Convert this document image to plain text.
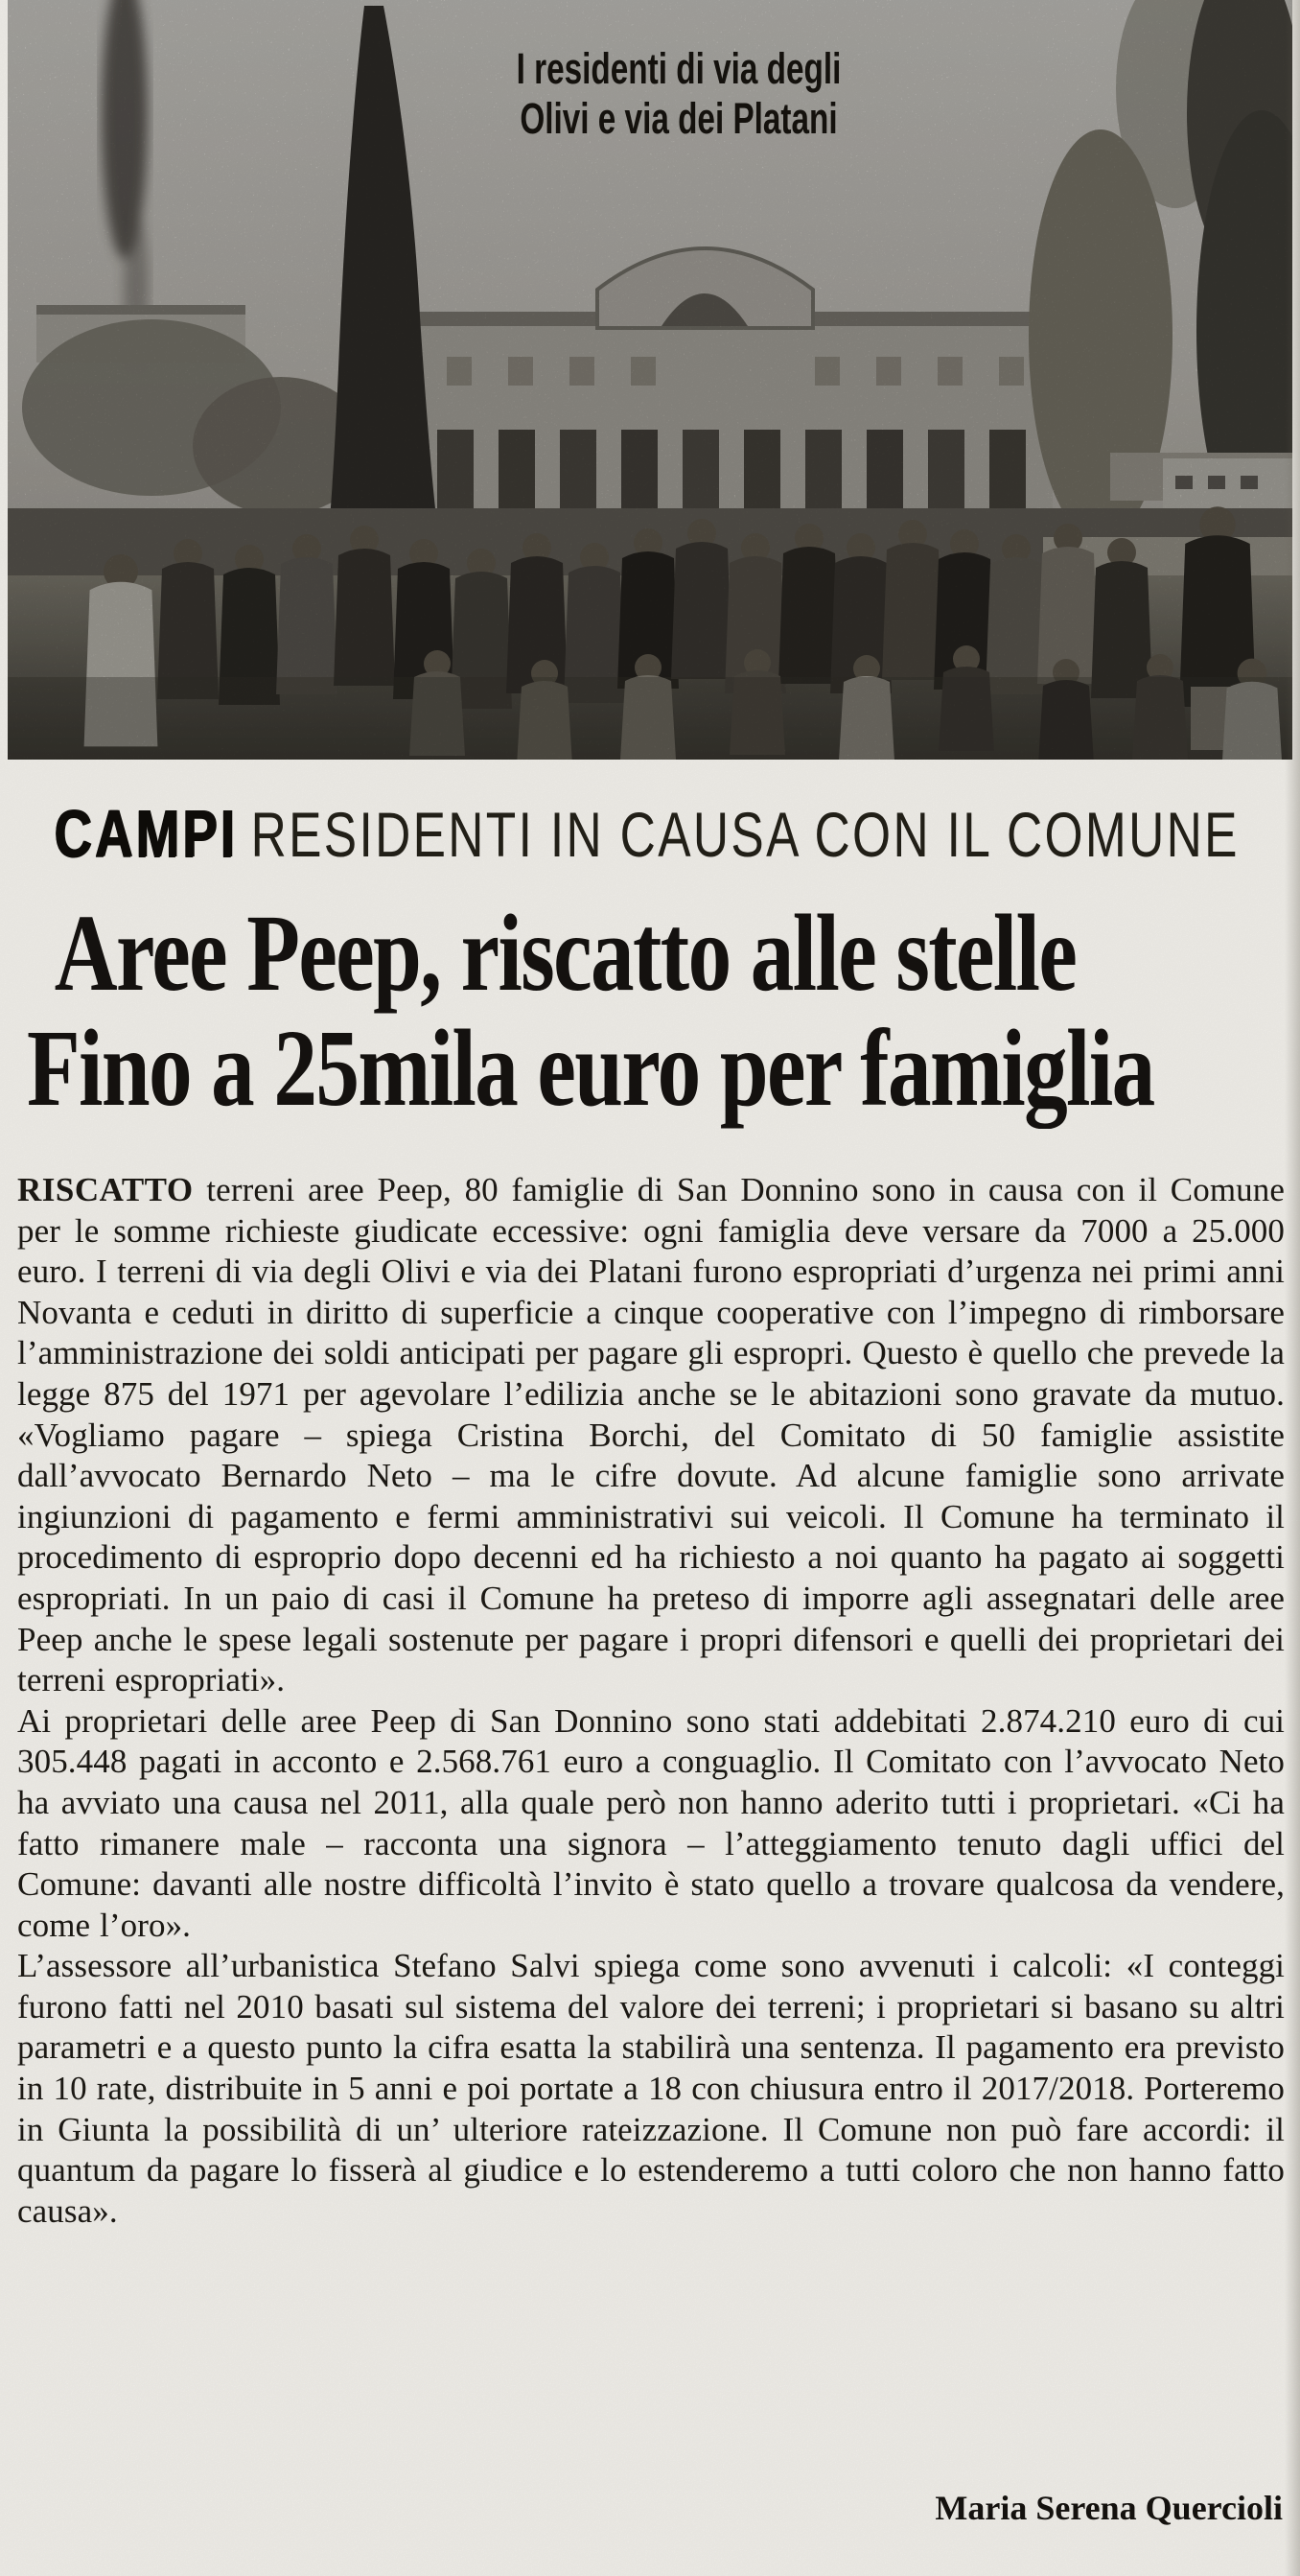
I residenti di via degli
Olivi e via dei Platani
CAMPI RESIDENTI IN CAUSA CON IL COMUNE
Aree Peep, riscatto alle stelle
Fino a 25mila euro per famiglia

RISCATTO terreni aree Peep, 80 famiglie di San Donnino sono in causa con il Comune per le somme richieste giudicate eccessive: ogni famiglia deve versare da 7000 a 25.000 euro. I terreni di via degli Olivi e via dei Platani furono espropriati d’urgenza nei primi anni Novanta e ceduti in diritto di superficie a cinque cooperative con l’impegno di rimborsare l’amministrazione dei soldi anticipati per pagare gli espropri. Questo è quello che prevede la legge 875 del 1971 per agevolare l’edilizia anche se le abitazioni sono gravate da mutuo. «Vogliamo pagare – spiega Cristina Borchi, del Comitato di 50 famiglie assistite dall’avvocato Bernardo Neto – ma le cifre dovute. Ad alcune famiglie sono arrivate ingiunzioni di pagamento e fermi amministrativi sui veicoli. Il Comune ha terminato il procedimento di esproprio dopo decenni ed ha richiesto a noi quanto ha pagato ai soggetti espropriati. In un paio di casi il Comune ha preteso di imporre agli assegnatari delle aree Peep anche le spese legali sostenute per pagare i propri difensori e quelli dei proprietari dei terreni espropriati».

Ai proprietari delle aree Peep di San Donnino sono stati addebitati 2.874.210 euro di cui 305.448 pagati in acconto e 2.568.761 euro a conguaglio. Il Comitato con l’avvocato Neto ha avviato una causa nel 2011, alla quale però non hanno aderito tutti i proprietari. «Ci ha fatto rimanere male – racconta una signora – l’atteggiamento tenuto dagli uffici del Comune: davanti alle nostre difficoltà l’invito è stato quello a trovare qualcosa da vendere, come l’oro».

L’assessore all’urbanistica Stefano Salvi spiega come sono avvenuti i calcoli: «I conteggi furono fatti nel 2010 basati sul sistema del valore dei terreni; i proprietari si basano su altri parametri e a questo punto la cifra esatta la stabilirà una sentenza. Il pagamento era previsto in 10 rate, distribuite in 5 anni e poi portate a 18 con chiusura entro il 2017/2018. Porteremo in Giunta la possibilità di un’ ulteriore rateizzazione. Il Comune non può fare accordi: il quantum da pagare lo fisserà al giudice e lo estenderemo a tutti coloro che non hanno fatto causa».

Maria Serena Quercioli
